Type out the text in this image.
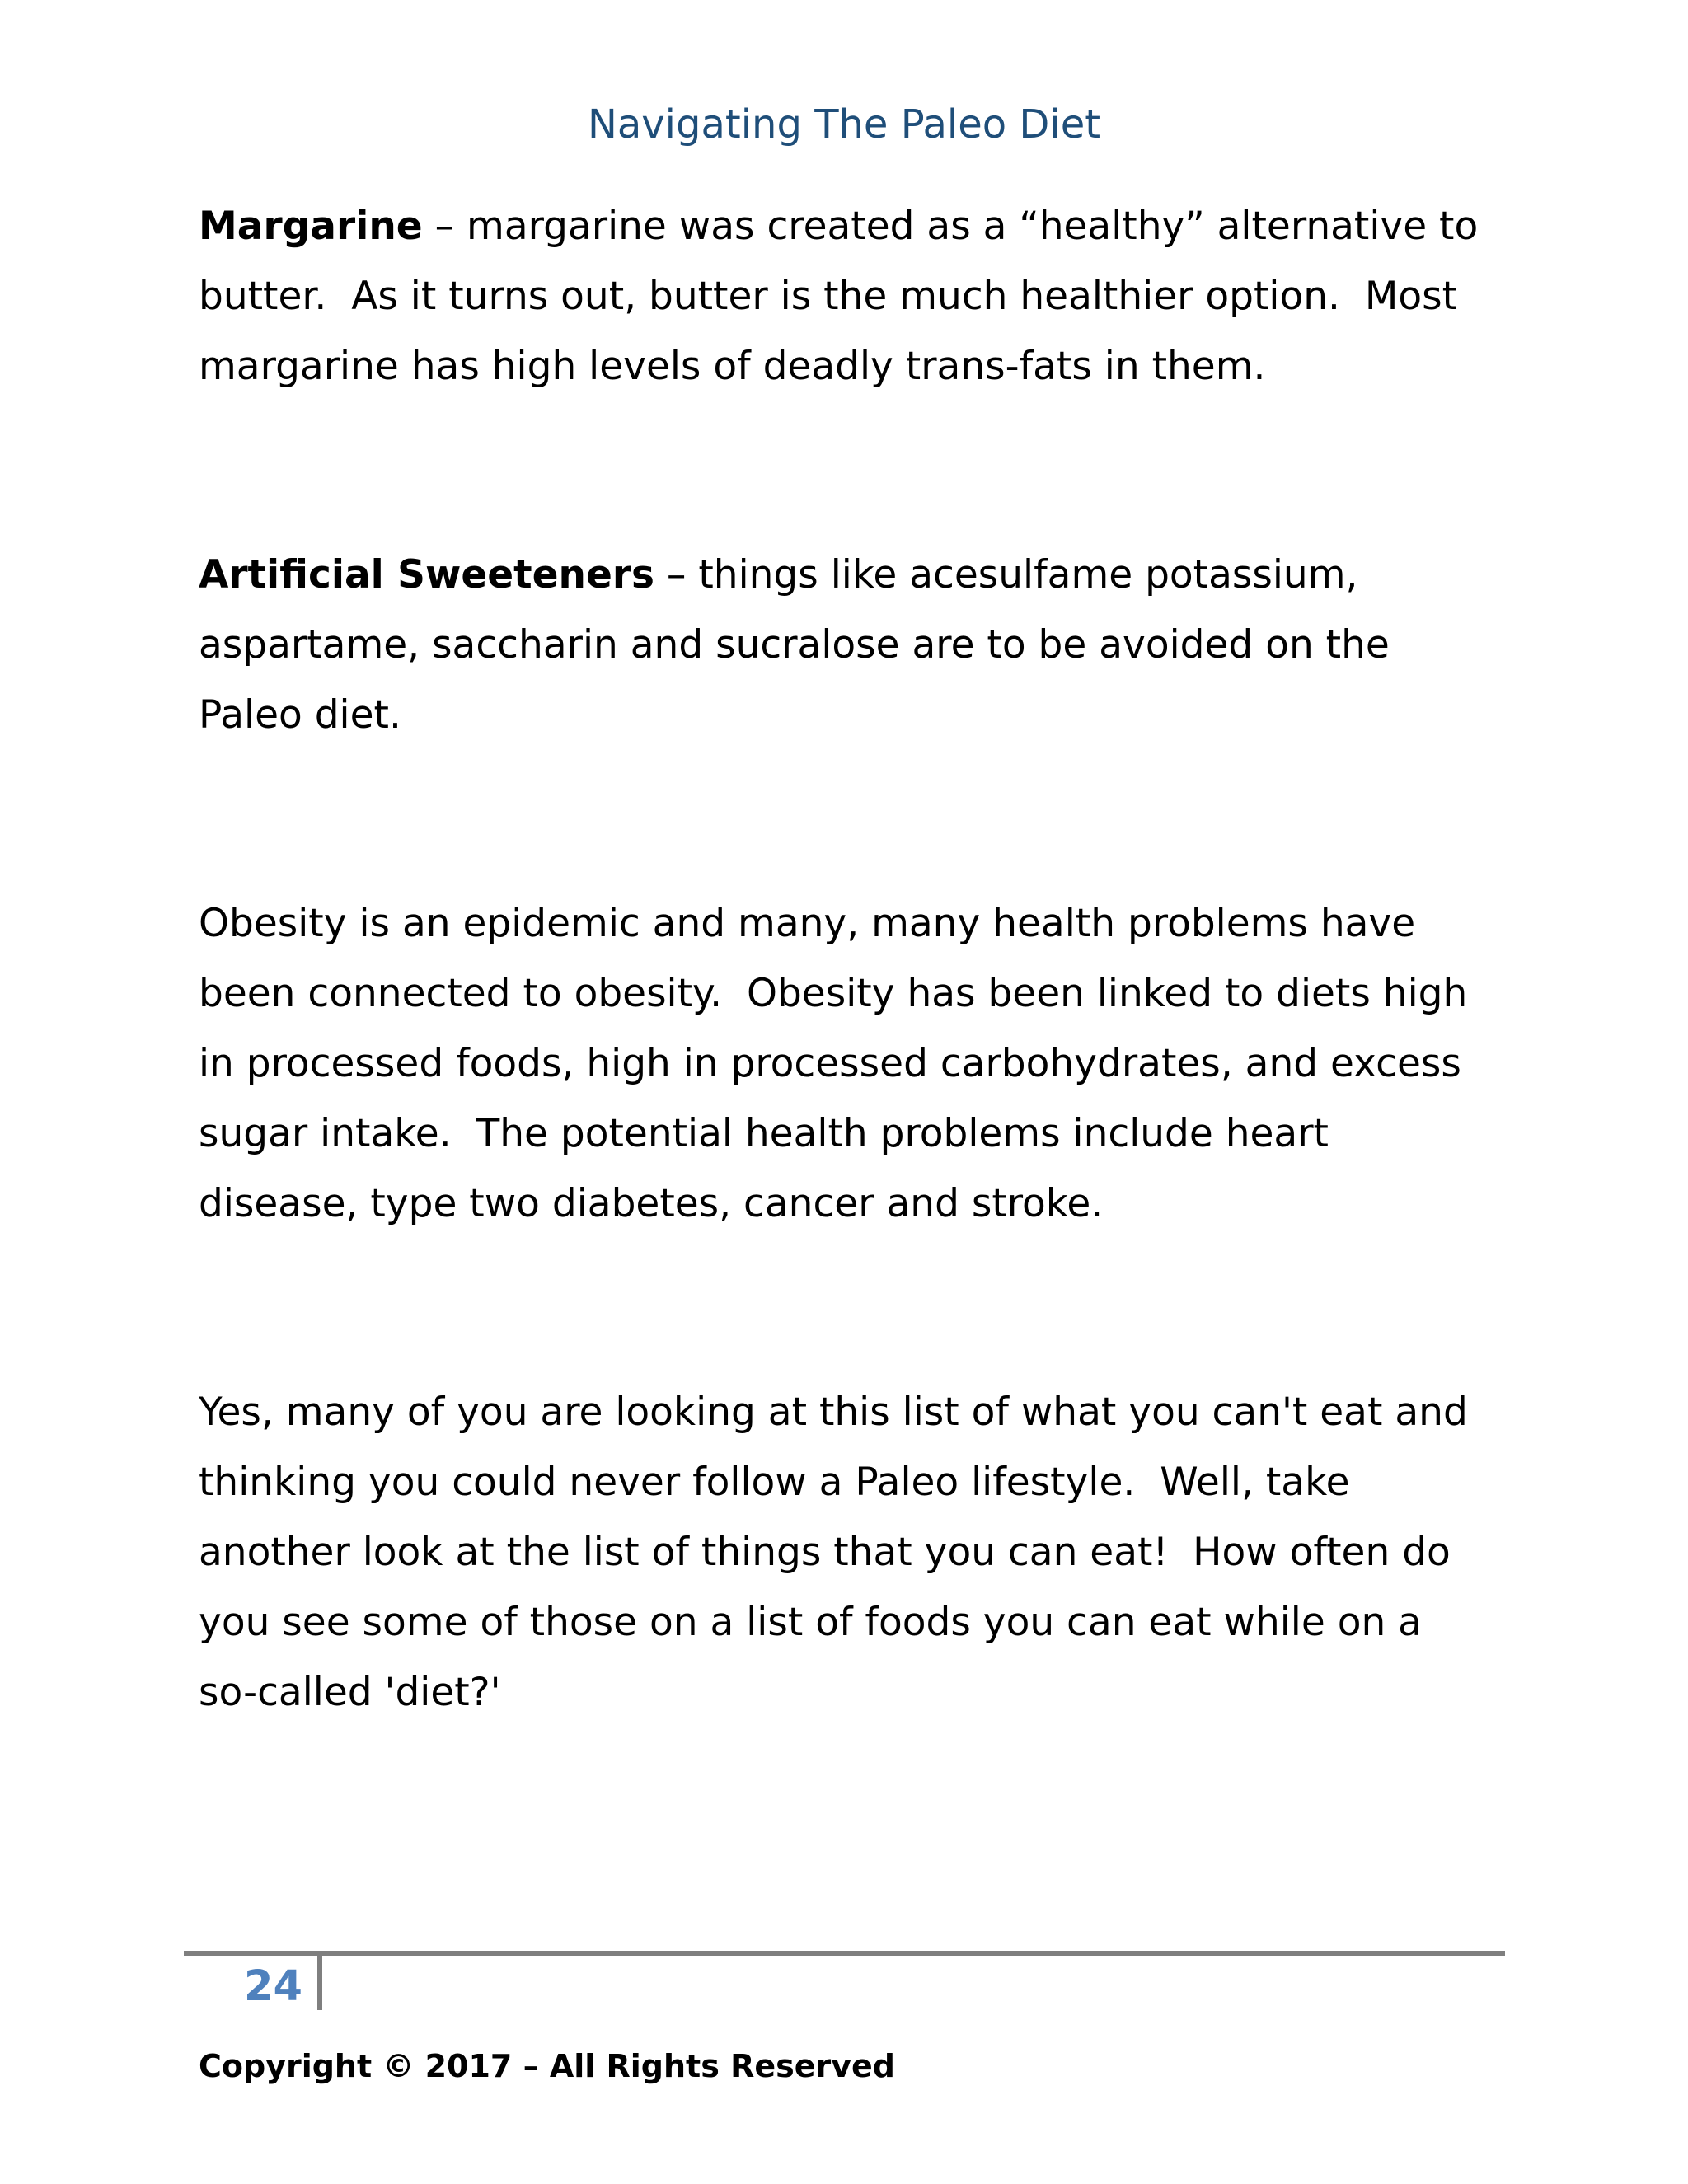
Navigating The Paleo Diet

Margarine – margarine was created as a “healthy” alternative to
butter.  As it turns out, butter is the much healthier option.  Most
margarine has high levels of deadly trans-fats in them.

Artificial Sweeteners – things like acesulfame potassium,
aspartame, saccharin and sucralose are to be avoided on the
Paleo diet.

Obesity is an epidemic and many, many health problems have
been connected to obesity.  Obesity has been linked to diets high
in processed foods, high in processed carbohydrates, and excess
sugar intake.  The potential health problems include heart
disease, type two diabetes, cancer and stroke.

Yes, many of you are looking at this list of what you can't eat and
thinking you could never follow a Paleo lifestyle.  Well, take
another look at the list of things that you can eat!  How often do
you see some of those on a list of foods you can eat while on a
so-called 'diet?'

24
Copyright © 2017 – All Rights Reserved
